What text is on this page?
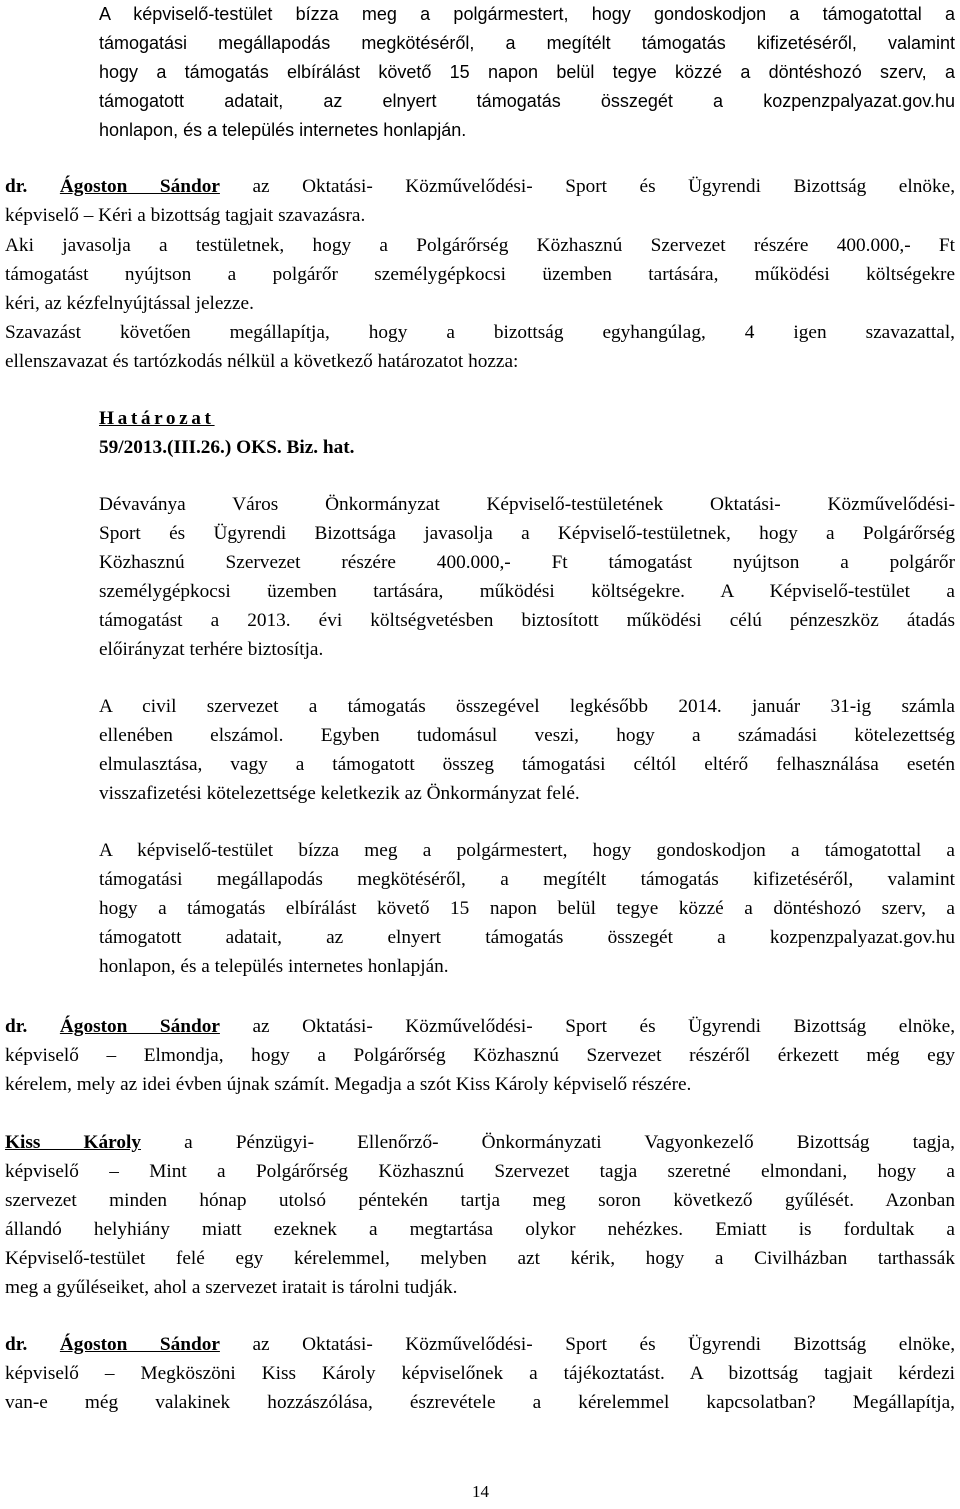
A képviselő-testület bízza meg a polgármestert, hogy gondoskodjon a támogatottal a
támogatási megállapodás megkötéséről, a megítélt támogatás kifizetéséről, valamint
hogy a támogatás elbírálást követő 15 napon belül tegye közzé a döntéshozó szerv, a
támogatott adatait, az elnyert támogatás összegét a kozpenzpalyazat.gov.hu
honlapon, és a település internetes honlapján.
dr. Ágoston Sándor az Oktatási- Közművelődési- Sport és Ügyrendi Bizottság elnöke,
képviselő – Kéri a bizottság tagjait szavazásra.
Aki javasolja a testületnek, hogy a Polgárőrség Közhasznú Szervezet részére 400.000,- Ft
támogatást nyújtson a polgárőr személygépkocsi üzemben tartására, működési költségekre
kéri, az kézfelnyújtással jelezze.
Szavazást követően megállapítja, hogy a bizottság egyhangúlag, 4 igen szavazattal,
ellenszavazat és tartózkodás nélkül a következő határozatot hozza:
Határozat
59/2013.(III.26.) OKS. Biz. hat.
Dévaványa Város Önkormányzat Képviselő-testületének Oktatási- Közművelődési-
Sport és Ügyrendi Bizottsága javasolja a Képviselő-testületnek, hogy a Polgárőrség
Közhasznú Szervezet részére 400.000,- Ft támogatást nyújtson a polgárőr
személygépkocsi üzemben tartására, működési költségekre. A Képviselő-testület a
támogatást a 2013. évi költségvetésben biztosított működési célú pénzeszköz átadás
előirányzat terhére biztosítja.
A civil szervezet a támogatás összegével legkésőbb 2014. január 31-ig számla
ellenében elszámol. Egyben tudomásul veszi, hogy a számadási kötelezettség
elmulasztása, vagy a támogatott összeg támogatási céltól eltérő felhasználása esetén
visszafizetési kötelezettsége keletkezik az Önkormányzat felé.
A képviselő-testület bízza meg a polgármestert, hogy gondoskodjon a támogatottal a
támogatási megállapodás megkötéséről, a megítélt támogatás kifizetéséről, valamint
hogy a támogatás elbírálást követő 15 napon belül tegye közzé a döntéshozó szerv, a
támogatott adatait, az elnyert támogatás összegét a kozpenzpalyazat.gov.hu
honlapon, és a település internetes honlapján.
dr. Ágoston Sándor az Oktatási- Közművelődési- Sport és Ügyrendi Bizottság elnöke,
képviselő – Elmondja, hogy a Polgárőrség Közhasznú Szervezet részéről érkezett még egy
kérelem, mely az idei évben újnak számít. Megadja a szót Kiss Károly képviselő részére.
Kiss Károly a Pénzügyi- Ellenőrző- Önkormányzati Vagyonkezelő Bizottság tagja,
képviselő – Mint a Polgárőrség Közhasznú Szervezet tagja szeretné elmondani, hogy a
szervezet minden hónap utolsó péntekén tartja meg soron következő gyűlését. Azonban
állandó helyhiány miatt ezeknek a megtartása olykor nehézkes. Emiatt is fordultak a
Képviselő-testület felé egy kérelemmel, melyben azt kérik, hogy a Civilházban tarthassák
meg a gyűléseiket, ahol a szervezet iratait is tárolni tudják.
dr. Ágoston Sándor az Oktatási- Közművelődési- Sport és Ügyrendi Bizottság elnöke,
képviselő – Megköszöni Kiss Károly képviselőnek a tájékoztatást. A bizottság tagjait kérdezi
van-e még valakinek hozzászólása, észrevétele a kérelemmel kapcsolatban? Megállapítja,
14
